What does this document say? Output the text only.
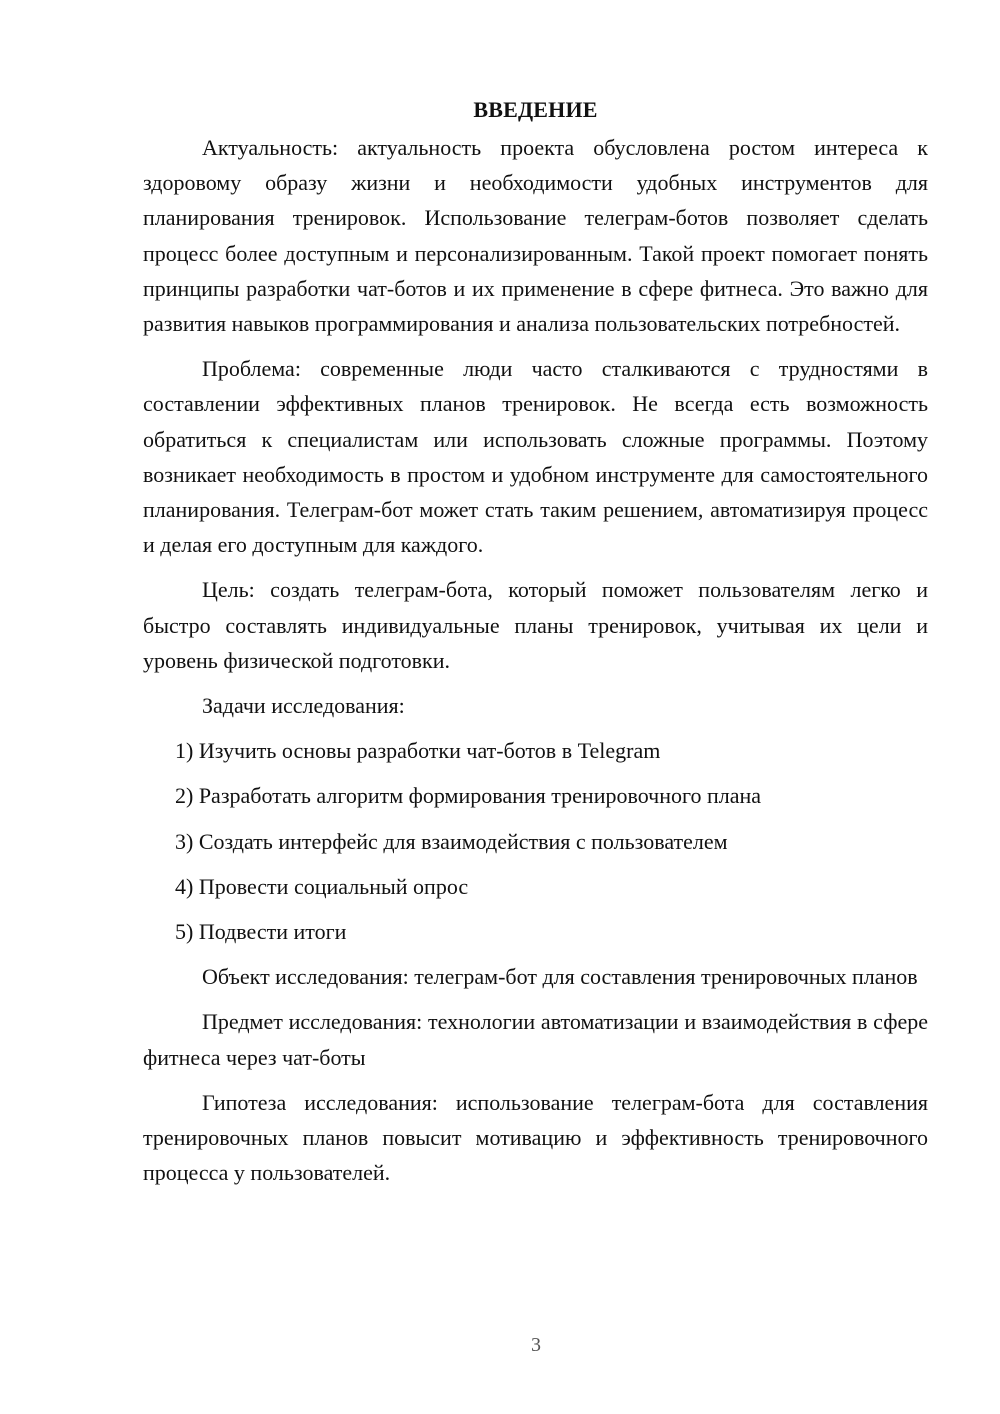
ВВЕДЕНИЕ

Актуальность: актуальность проекта обусловлена ростом интереса к здоровому образу жизни и необходимости удобных инструментов для планирования тренировок. Использование телеграм-ботов позволяет сделать процесс более доступным и персонализированным. Такой проект помогает понять принципы разработки чат-ботов и их применение в сфере фитнеса. Это важно для развития навыков программирования и анализа пользовательских потребностей.

Проблема: современные люди часто сталкиваются с трудностями в составлении эффективных планов тренировок. Не всегда есть возможность обратиться к специалистам или использовать сложные программы. Поэтому возникает необходимость в простом и удобном инструменте для самостоятельного планирования. Телеграм-бот может стать таким решением, автоматизируя процесс и делая его доступным для каждого.

Цель: создать телеграм-бота, который поможет пользователям легко и быстро составлять индивидуальные планы тренировок, учитывая их цели и уровень физической подготовки.

Задачи исследования:

1) Изучить основы разработки чат-ботов в Telegram

2) Разработать алгоритм формирования тренировочного плана

3) Создать интерфейс для взаимодействия с пользователем

4) Провести социальный опрос

5) Подвести итоги

Объект исследования: телеграм-бот для составления тренировочных планов

Предмет исследования: технологии автоматизации и взаимодействия в сфере фитнеса через чат-боты

Гипотеза исследования: использование телеграм-бота для составления тренировочных планов повысит мотивацию и эффективность тренировочного процесса у пользователей.

3
